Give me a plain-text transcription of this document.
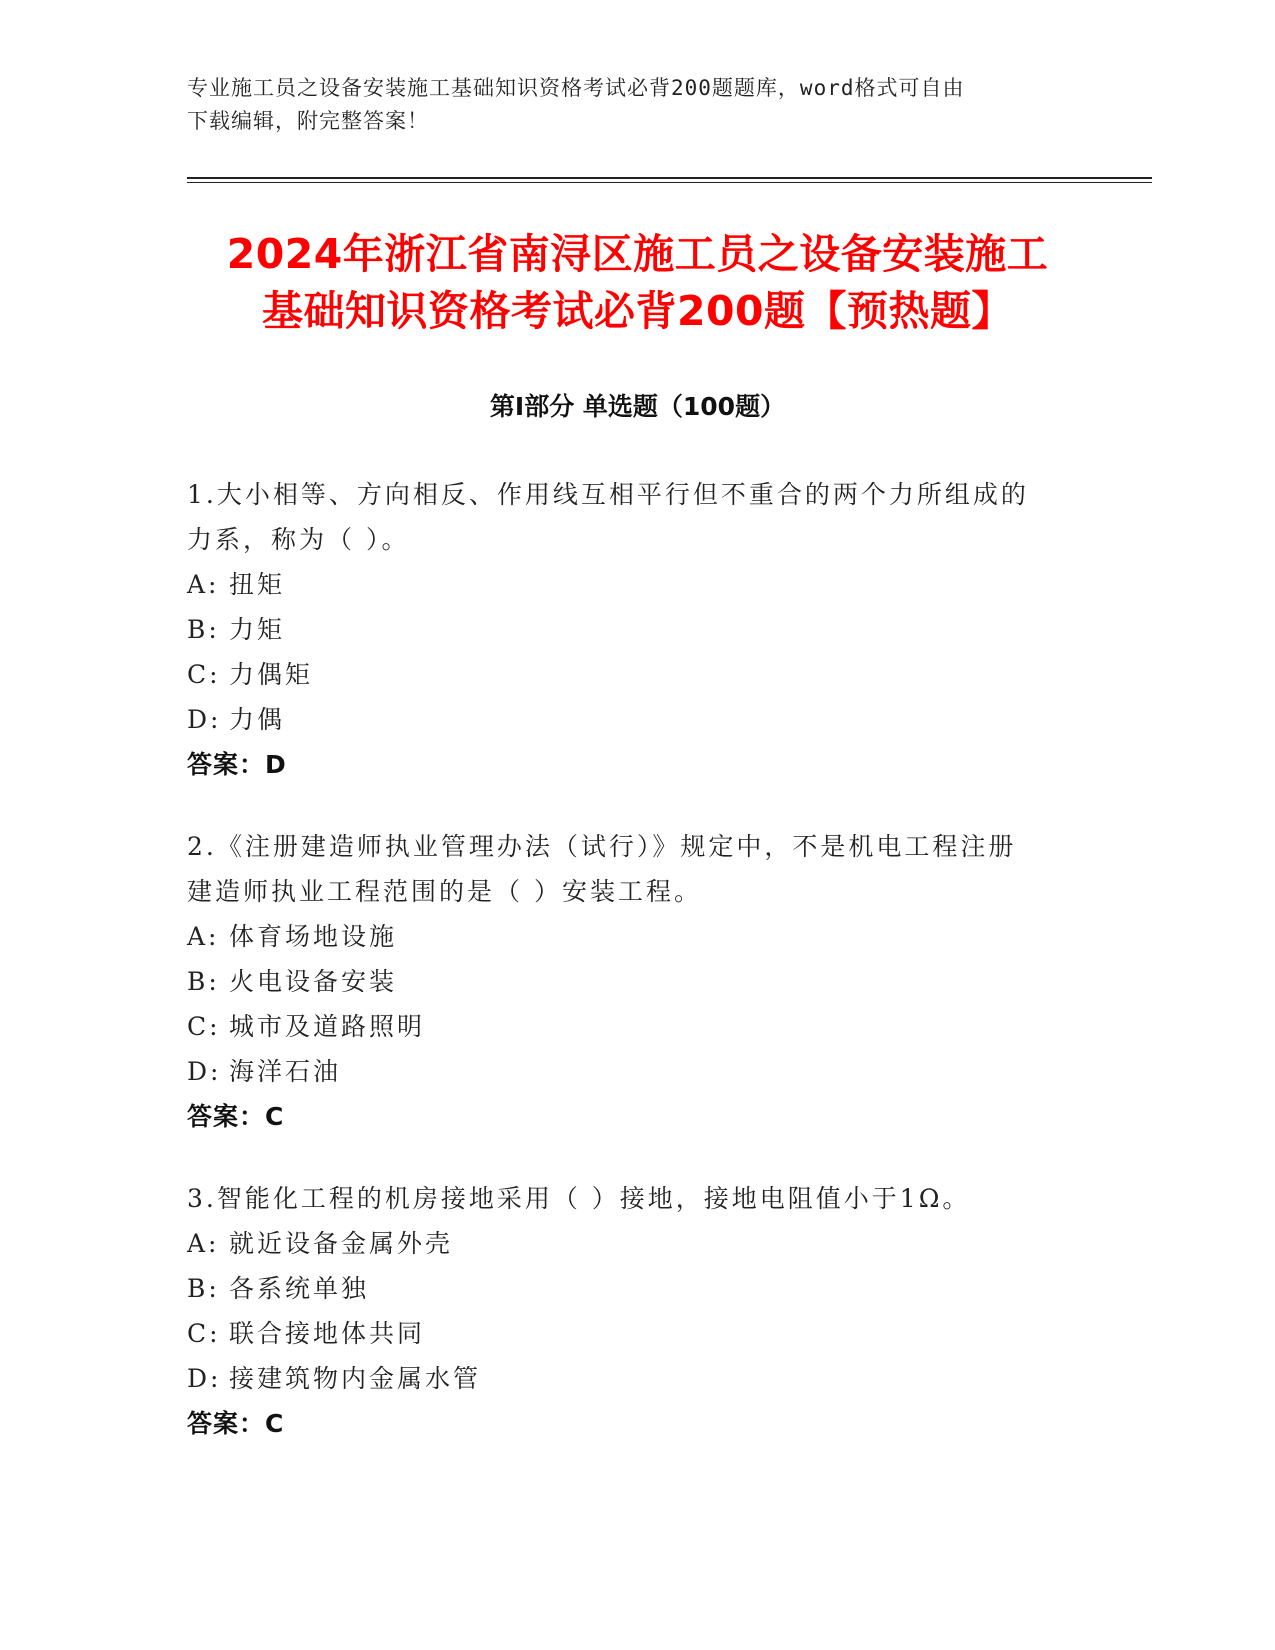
专业施工员之设备安装施工基础知识资格考试必背200题题库，word格式可自由
下载编辑，附完整答案！
2024年浙江省南浔区施工员之设备安装施工
基础知识资格考试必背200题【预热题】
第Ⅰ部分 单选题（100题）

1.大小相等、方向相反、作用线互相平行但不重合的两个力所组成的

力系，称为（ ）。

A: 扭矩

B: 力矩

C: 力偶矩

D: 力偶

答案：D

2.《注册建造师执业管理办法（试行）》规定中，不是机电工程注册

建造师执业工程范围的是（ ）安装工程。

A: 体育场地设施

B: 火电设备安装

C: 城市及道路照明

D: 海洋石油

答案：C

3.智能化工程的机房接地采用（ ）接地，接地电阻值小于1Ω。

A: 就近设备金属外壳

B: 各系统单独

C: 联合接地体共同

D: 接建筑物内金属水管

答案：C
